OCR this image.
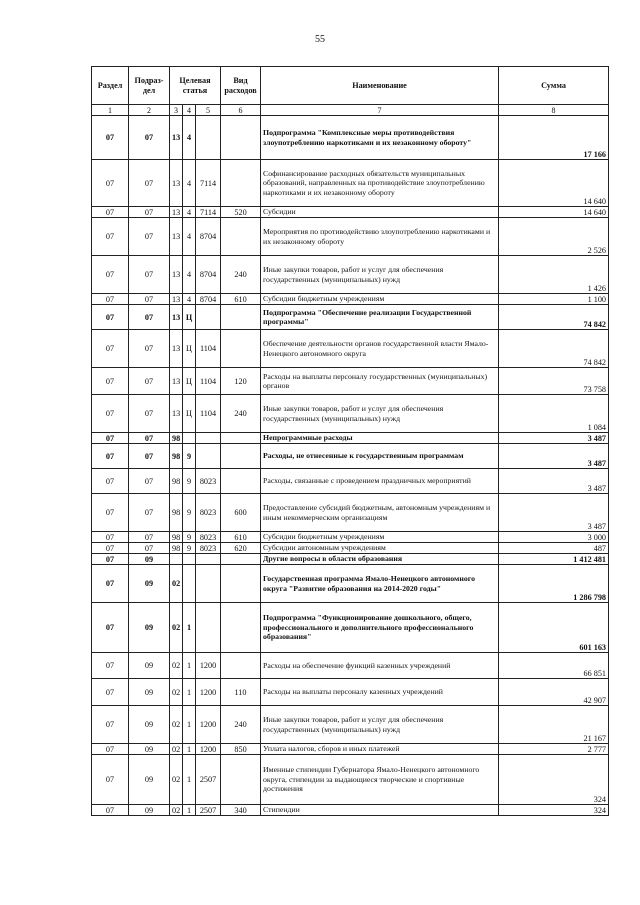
55
Раздел	Подраз-дел	Целевая статья			Вид расходов	Наименование	Сумма
1	2	3	4	5	6	7	8
07	07	13	4			Подпрограмма "Комплексные меры противодействия злоупотреблению наркотиками и их незаконному обороту"	17 166
07	07	13	4	7114		Софинансирование расходных обязательств муниципальных образований, направленных на противодействие злоупотреблению наркотиками и их незаконному обороту	14 640
07	07	13	4	7114	520	Субсидии	14 640
07	07	13	4	8704		Мероприятия по противодействию злоупотреблению наркотиками и их незаконному обороту	2 526
07	07	13	4	8704	240	Иные закупки товаров, работ и услуг для обеспечения государственных (муниципальных) нужд	1 426
07	07	13	4	8704	610	Субсидии бюджетным учреждениям	1 100
07	07	13	Ц			Подпрограмма "Обеспечение реализации Государственной программы"	74 842
07	07	13	Ц	1104		Обеспечение деятельности органов государственной власти Ямало-Ненецкого автономного округа	74 842
07	07	13	Ц	1104	120	Расходы на выплаты персоналу государственных (муниципальных) органов	73 758
07	07	13	Ц	1104	240	Иные закупки товаров, работ и услуг для обеспечения государственных (муниципальных) нужд	1 084
07	07	98				Непрограммные расходы	3 487
07	07	98	9			Расходы, не отнесенные к государственным программам	3 487
07	07	98	9	8023		Расходы, связанные с проведением праздничных мероприятий	3 487
07	07	98	9	8023	600	Предоставление субсидий бюджетным, автономным учреждениям и иным некоммерческим организациям	3 487
07	07	98	9	8023	610	Субсидии бюджетным учреждениям	3 000
07	07	98	9	8023	620	Субсидии автономным учреждениям	487
07	09					Другие вопросы в области образования	1 412 481
07	09	02				Государственная программа Ямало-Ненецкого автономного округа "Развитие образования на 2014-2020 годы"	1 286 798
07	09	02	1			Подпрограмма "Функционирование дошкольного, общего, профессионального и дополнительного профессионального образования"	601 163
07	09	02	1	1200		Расходы на обеспечение функций казенных учреждений	66 851
07	09	02	1	1200	110	Расходы на выплаты персоналу казенных учреждений	42 907
07	09	02	1	1200	240	Иные закупки товаров, работ и услуг для обеспечения государственных (муниципальных) нужд	21 167
07	09	02	1	1200	850	Уплата налогов, сборов и иных платежей	2 777
07	09	02	1	2507		Именные стипендии Губернатора Ямало-Ненецкого автономного округа, стипендии за выдающиеся творческие и спортивные достижения	324
07	09	02	1	2507	340	Стипендии	324
